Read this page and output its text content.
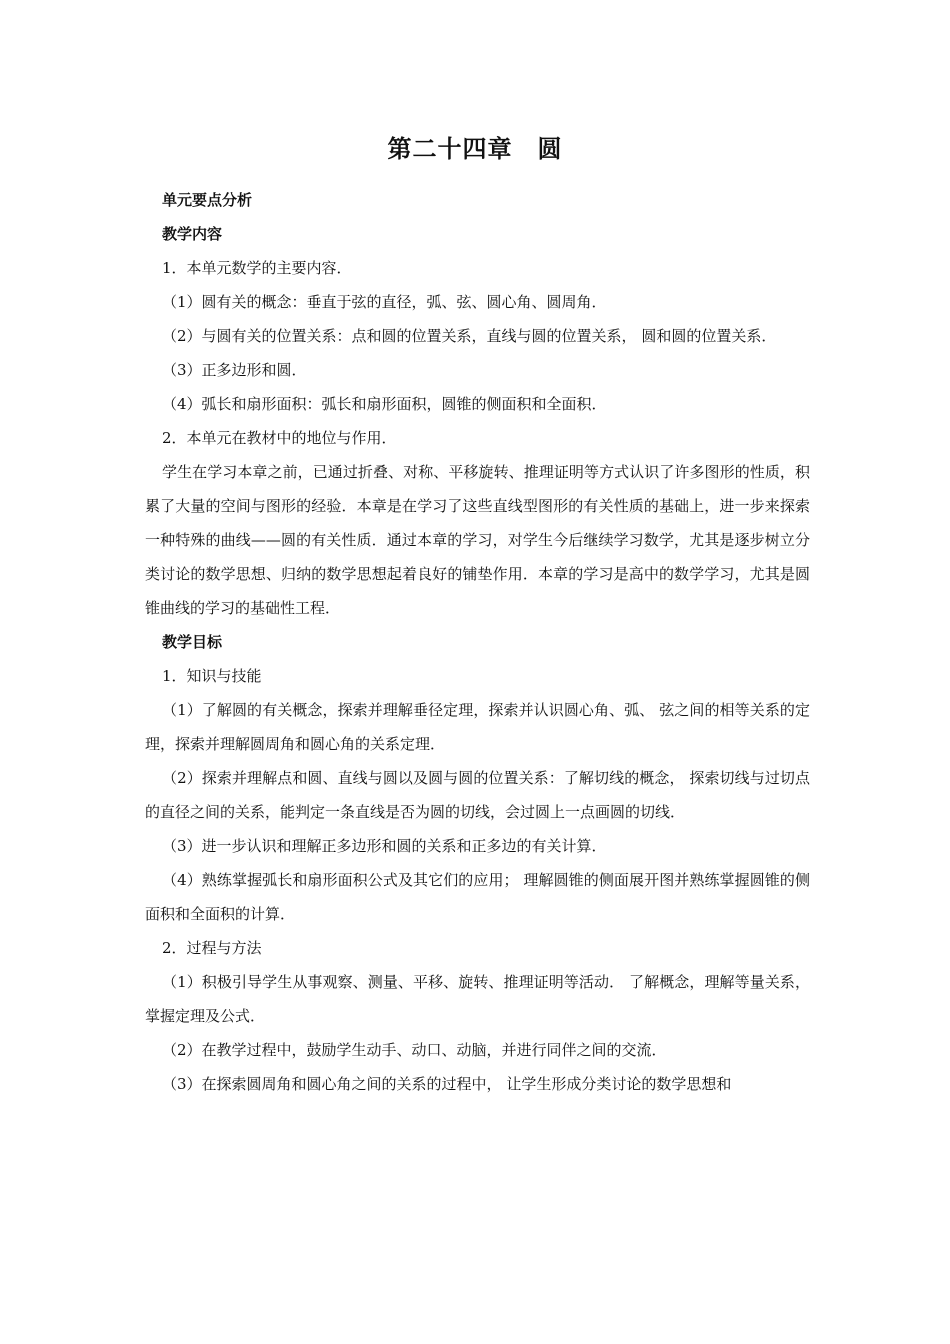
第二十四章　圆
单元要点分析
教学内容

1．本单元数学的主要内容．

（1）圆有关的概念：垂直于弦的直径，弧、弦、圆心角、圆周角．

（2）与圆有关的位置关系：点和圆的位置关系，直线与圆的位置关系， 圆和圆的位置关系．

（3）正多边形和圆．

（4）弧长和扇形面积：弧长和扇形面积，圆锥的侧面积和全面积．

2．本单元在教材中的地位与作用．

学生在学习本章之前，已通过折叠、对称、平移旋转、推理证明等方式认识了许多图形的性质，积累了大量的空间与图形的经验．本章是在学习了这些直线型图形的有关性质的基础上，进一步来探索一种特殊的曲线——圆的有关性质．通过本章的学习，对学生今后继续学习数学，尤其是逐步树立分类讨论的数学思想、归纳的数学思想起着良好的铺垫作用．本章的学习是高中的数学学习，尤其是圆锥曲线的学习的基础性工程．

教学目标

1．知识与技能

（1）了解圆的有关概念，探索并理解垂径定理，探索并认识圆心角、弧、 弦之间的相等关系的定理，探索并理解圆周角和圆心角的关系定理．

（2）探索并理解点和圆、直线与圆以及圆与圆的位置关系：了解切线的概念， 探索切线与过切点的直径之间的关系，能判定一条直线是否为圆的切线，会过圆上一点画圆的切线．

（3）进一步认识和理解正多边形和圆的关系和正多边的有关计算．

（4）熟练掌握弧长和扇形面积公式及其它们的应用； 理解圆锥的侧面展开图并熟练掌握圆锥的侧面积和全面积的计算．

2．过程与方法

（1）积极引导学生从事观察、测量、平移、旋转、推理证明等活动． 了解概念，理解等量关系，掌握定理及公式．

（2）在教学过程中，鼓励学生动手、动口、动脑，并进行同伴之间的交流．

（3）在探索圆周角和圆心角之间的关系的过程中， 让学生形成分类讨论的数学思想和
